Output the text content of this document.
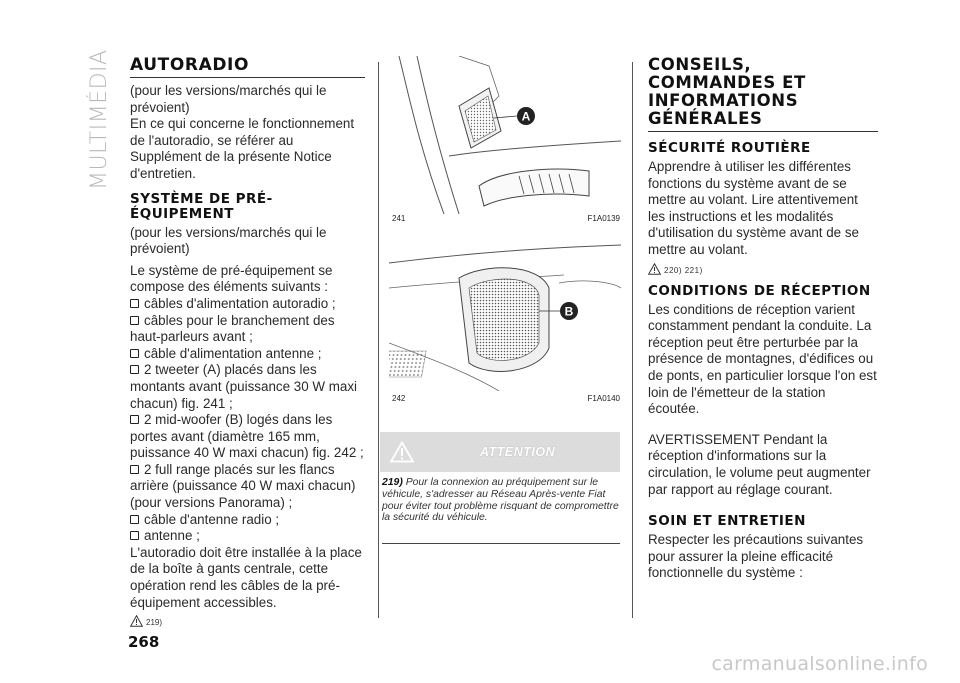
MULTIMÉDIA
268
carmanualsonline.info
AUTORADIO

(pour les versions/marchés qui le prévoient)

En ce qui concerne le fonctionnement de l'autoradio, se référer au Supplément de la présente Notice d'entretien.

SYSTÈME DE PRÉ-ÉQUIPEMENT

(pour les versions/marchés qui le prévoient)

Le système de pré-équipement se compose des éléments suivants :

câbles d'alimentation autoradio ;
câbles pour le branchement des haut-parleurs avant ;
câble d'alimentation antenne ;
2 tweeter (A) placés dans les montants avant (puissance 30 W maxi chacun) fig. 241 ;
2 mid-woofer (B) logés dans les portes avant (diamètre 165 mm, puissance 40 W maxi chacun) fig. 242 ;
2 full range placés sur les flancs arrière (puissance 40 W maxi chacun) (pour versions Panorama) ;
câble d'antenne radio ;
antenne ;

L'autoradio doit être installée à la place de la boîte à gants centrale, cette opération rend les câbles de la pré-équipement accessibles.

219)
A
241	F1A0139
B
242	F1A0140
ATTENTION
219) Pour la connexion au préquipement sur le véhicule, s'adresser au Réseau Après-vente Fiat pour éviter tout problème risquant de compromettre la sécurité du véhicule.
CONSEILS, COMMANDES ET INFORMATIONS GÉNÉRALES
SÉCURITÉ ROUTIÈRE

Apprendre à utiliser les différentes fonctions du système avant de se mettre au volant. Lire attentivement les instructions et les modalités d'utilisation du système avant de se mettre au volant.

220) 221)
CONDITIONS DE RÉCEPTION

Les conditions de réception varient constamment pendant la conduite. La réception peut être perturbée par la présence de montagnes, d'édifices ou de ponts, en particulier lorsque l'on est loin de l'émetteur de la station écoutée.

AVERTISSEMENT Pendant la réception d'informations sur la circulation, le volume peut augmenter par rapport au réglage courant.

SOIN ET ENTRETIEN

Respecter les précautions suivantes pour assurer la pleine efficacité fonctionnelle du système :
